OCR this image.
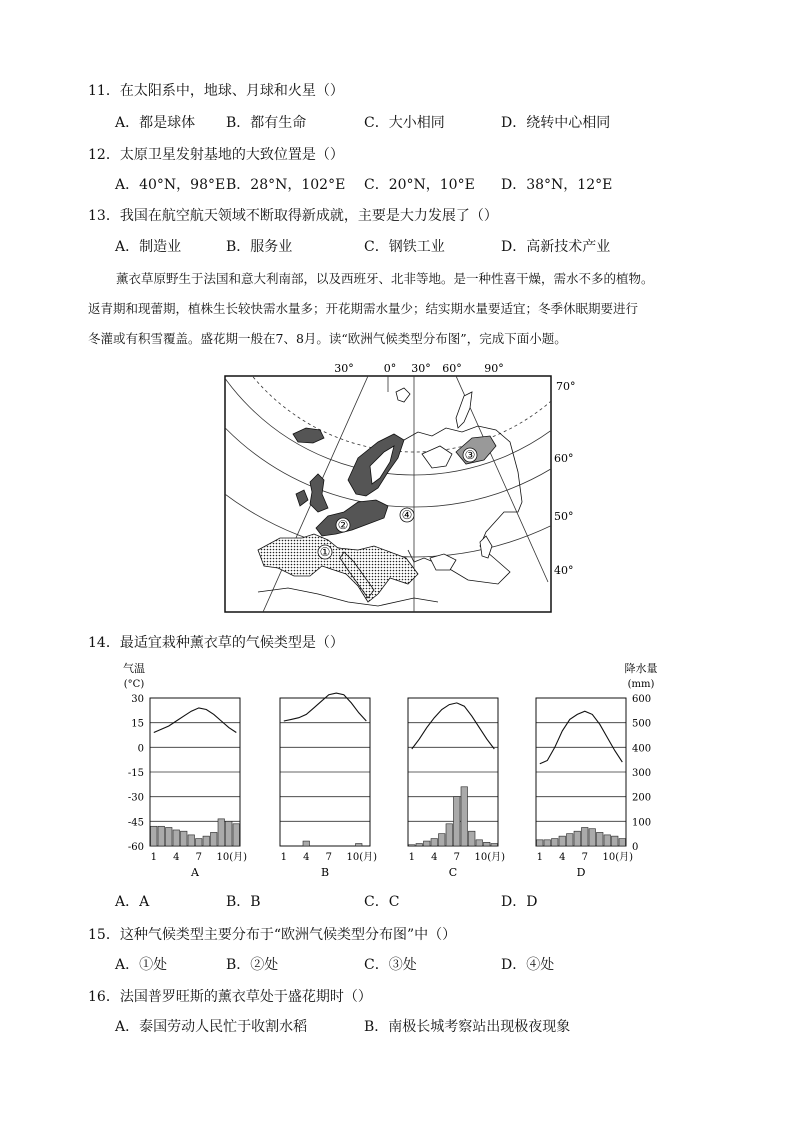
11．在太阳系中，地球、月球和火星（）
A．都是球体 B．都有生命	C．大小相同	D．绕转中心相同
12．太原卫星发射基地的大致位置是（）
A．40°N，98°E B．28°N，102°E C．20°N，10°E D．38°N，12°E
13．我国在航空航天领域不断取得新成就，主要是大力发展了（）
A．制造业	B．服务业	C．钢铁工业	D．高新技术产业

薰衣草原野生于法国和意大利南部，以及西班牙、北非等地。是一种性喜干燥，需水不多的植物。

返青期和现蕾期，植株生长较快需水量多；开花期需水量少；结实期水量要适宜；冬季休眠期要进行

冬灌或有积雪覆盖。盛花期一般在7、8月。读“欧洲气候类型分布图”，完成下面小题。

①
②
③
④
30°	0° 30° 60° 90°
70°
60°
50°
40°
14．最适宜栽种薰衣草的气候类型是（）
气温
(°C)
降水量
(mm)
30
15
0
-15
-30
-45
-60
600
500
400
300
200
100
0
1 4 7 10(月)
A
1 4 7 10(月)
B
1 4 7 10(月)
C
1 4 7 10(月)
D
A．A	B．B	C．C	D．D
15．这种气候类型主要分布于“欧洲气候类型分布图”中（）
A．①处	B．②处	C．③处	D．④处
16．法国普罗旺斯的薰衣草处于盛花期时（）
A．泰国劳动人民忙于收割水稻	B．南极长城考察站出现极夜现象
